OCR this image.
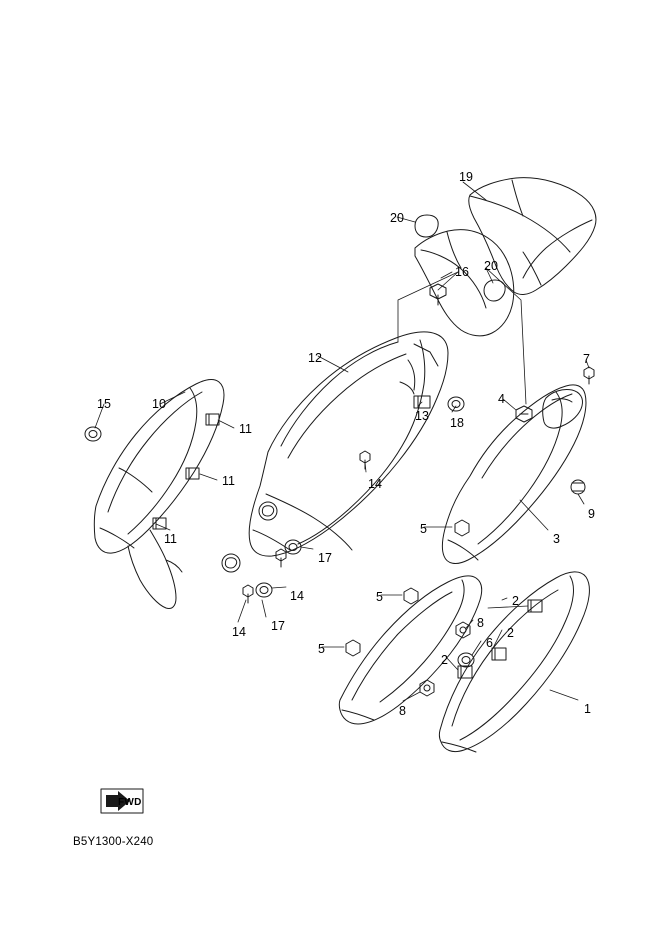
FWD
B5Y1300-X240
19
20
16 20
12
10
15
7
4
11
13 18
11	14
9
11	3
17
5
14	2
5
17
14
8
2
6
5
2
1
8
